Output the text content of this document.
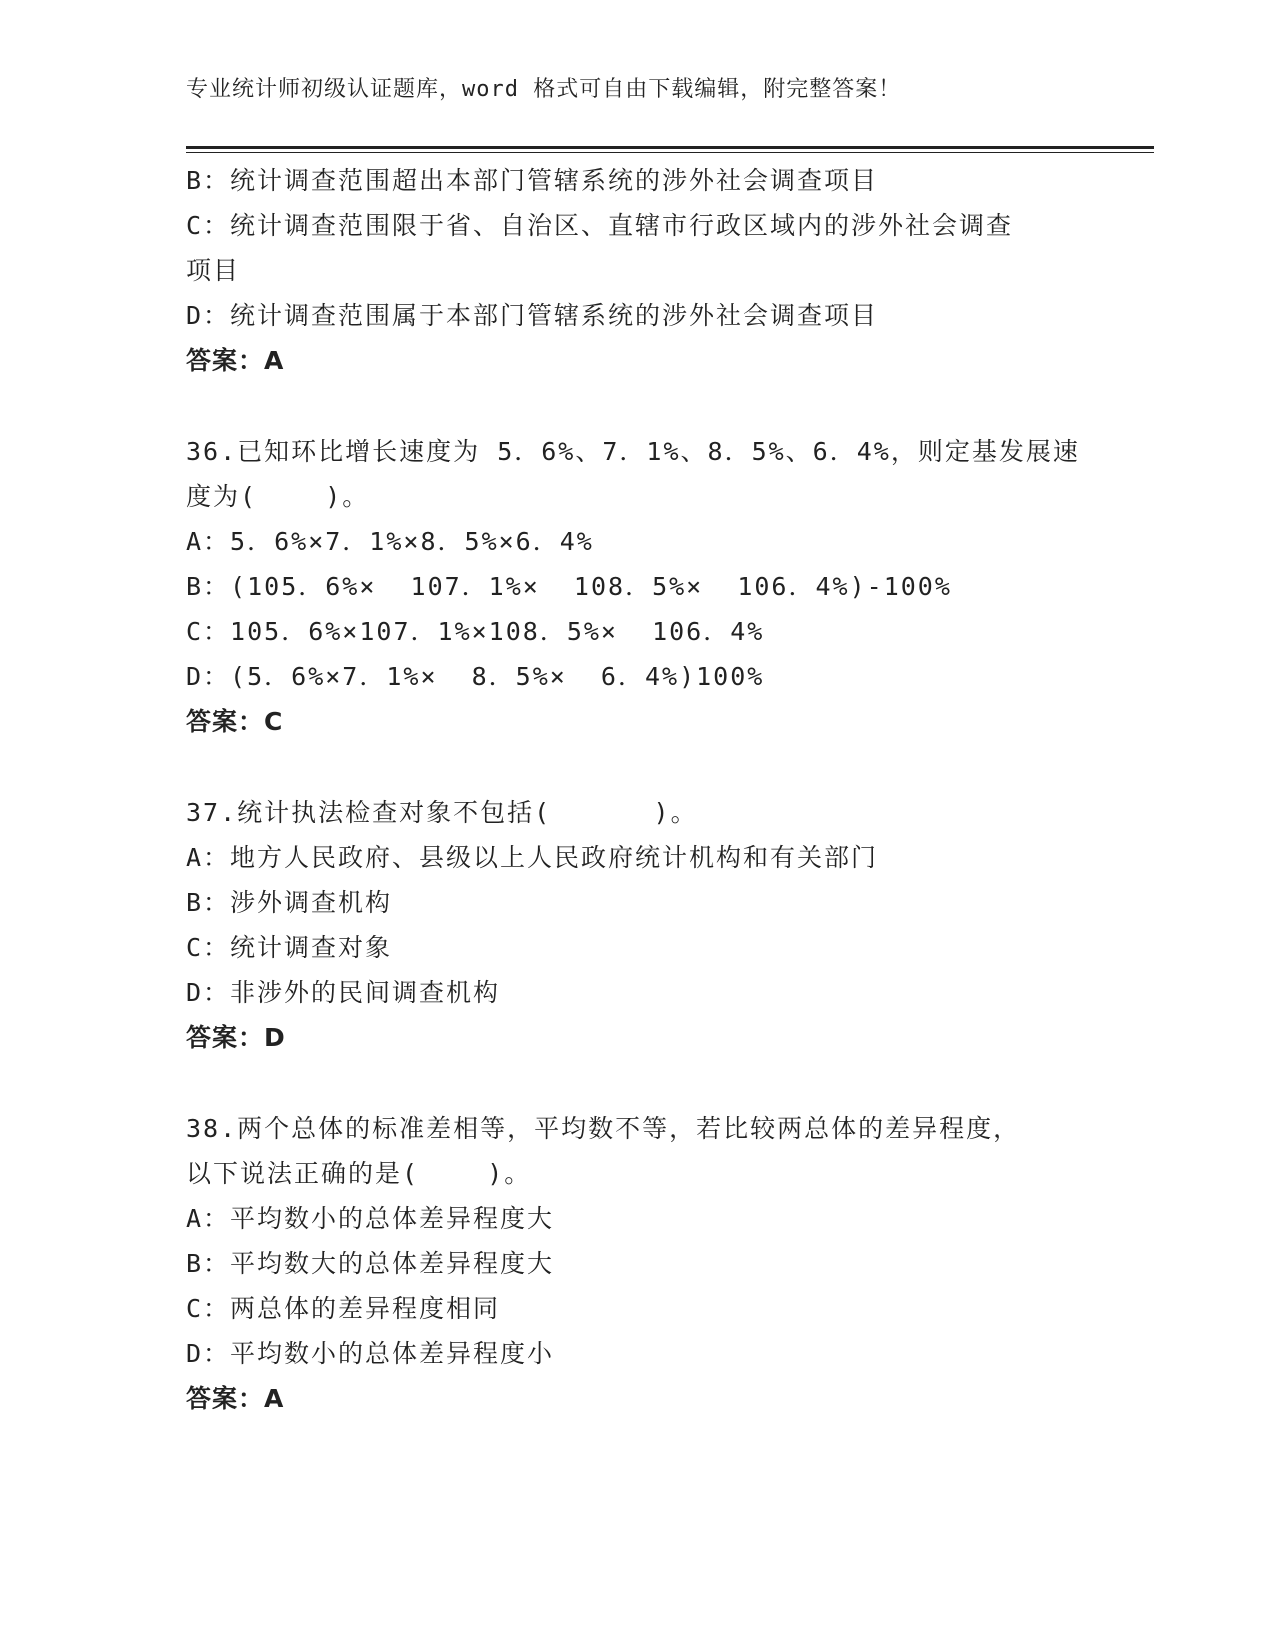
专业统计师初级认证题库，word 格式可自由下载编辑，附完整答案！
B：统计调查范围超出本部门管辖系统的涉外社会调查项目
C：统计调查范围限于省、自治区、直辖市行政区域内的涉外社会调查
项目
D：统计调查范围属于本部门管辖系统的涉外社会调查项目
答案：A
36.已知环比增长速度为 5．6%、7．1%、8．5%、6．4%，则定基发展速
度为(    )。
A：5．6%×7．1%×8．5%×6．4%
B：(105．6%×  107．1%×  108．5%×  106．4%)-100%
C：105．6%×107．1%×108．5%×  106．4%
D：(5．6%×7．1%×  8．5%×  6．4%)100%
答案：C
37.统计执法检查对象不包括(      )。
A：地方人民政府、县级以上人民政府统计机构和有关部门
B：涉外调查机构
C：统计调查对象
D：非涉外的民间调查机构
答案：D
38.两个总体的标准差相等，平均数不等，若比较两总体的差异程度，
以下说法正确的是(    )。
A：平均数小的总体差异程度大
B：平均数大的总体差异程度大
C：两总体的差异程度相同
D：平均数小的总体差异程度小
答案：A
